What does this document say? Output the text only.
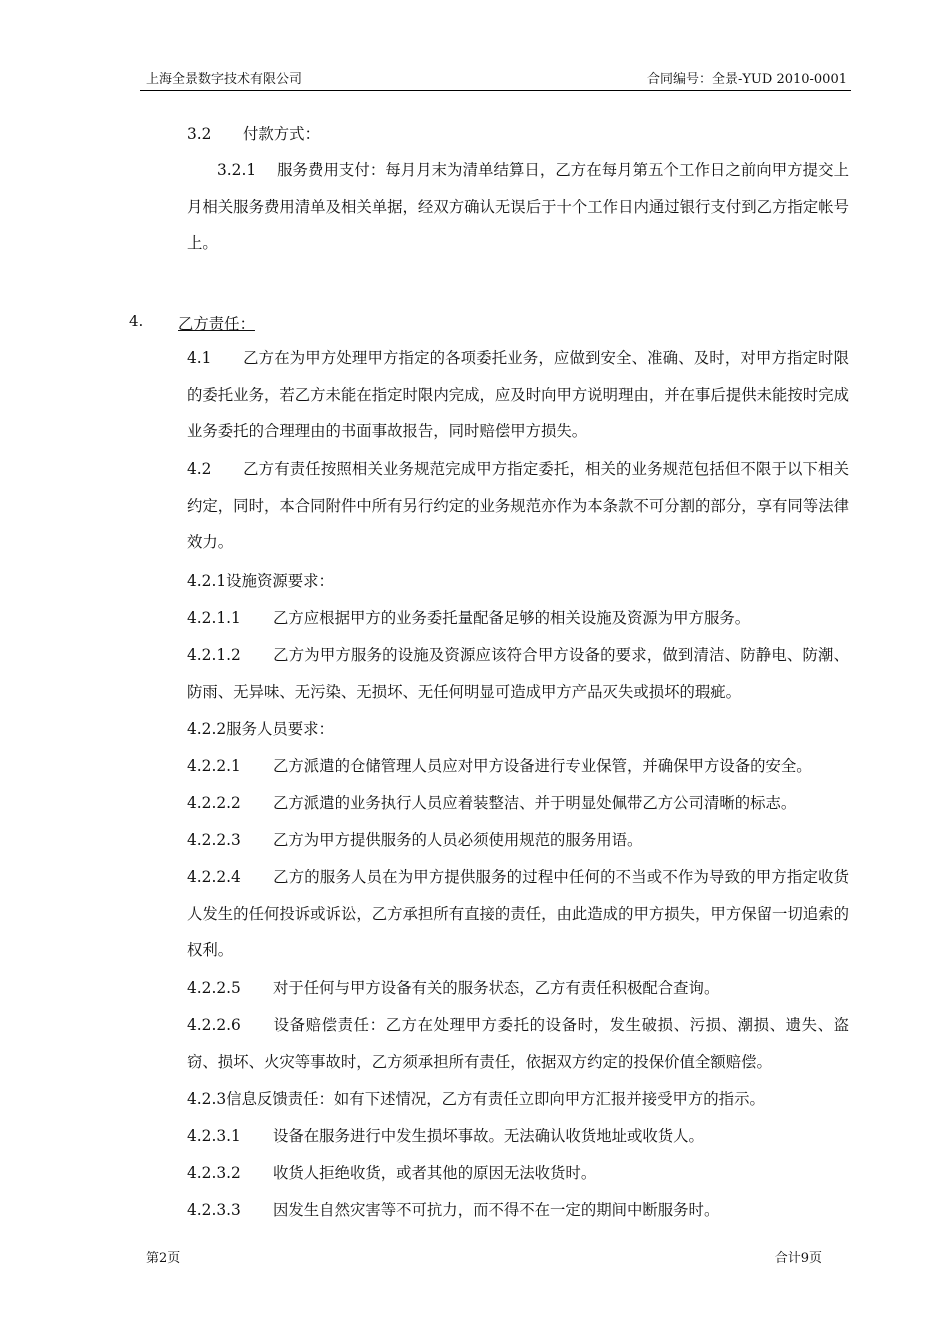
上海全景数字技术有限公司	合同编号：全景-YUD 2010-0001
3.2 付款方式：
3.2.1 服务费用支付：每月月末为清单结算日，乙方在每月第五个工作日之前向甲方提交上月相关服务费用清单及相关单据，经双方确认无误后于十个工作日内通过银行支付到乙方指定帐号上。
4. 乙方责任：
4.1 乙方在为甲方处理甲方指定的各项委托业务，应做到安全、准确、及时，对甲方指定时限的委托业务，若乙方未能在指定时限内完成，应及时向甲方说明理由，并在事后提供未能按时完成业务委托的合理理由的书面事故报告，同时赔偿甲方损失。
4.2 乙方有责任按照相关业务规范完成甲方指定委托，相关的业务规范包括但不限于以下相关约定，同时，本合同附件中所有另行约定的业务规范亦作为本条款不可分割的部分，享有同等法律效力。
4.2.1设施资源要求：
4.2.1.1 乙方应根据甲方的业务委托量配备足够的相关设施及资源为甲方服务。
4.2.1.2 乙方为甲方服务的设施及资源应该符合甲方设备的要求，做到清洁、防静电、防潮、防雨、无异味、无污染、无损坏、无任何明显可造成甲方产品灭失或损坏的瑕疵。
4.2.2服务人员要求：
4.2.2.1 乙方派遣的仓储管理人员应对甲方设备进行专业保管，并确保甲方设备的安全。
4.2.2.2 乙方派遣的业务执行人员应着装整洁、并于明显处佩带乙方公司清晰的标志。
4.2.2.3 乙方为甲方提供服务的人员必须使用规范的服务用语。
4.2.2.4 乙方的服务人员在为甲方提供服务的过程中任何的不当或不作为导致的甲方指定收货人发生的任何投诉或诉讼，乙方承担所有直接的责任，由此造成的甲方损失，甲方保留一切追索的权利。
4.2.2.5 对于任何与甲方设备有关的服务状态，乙方有责任积极配合查询。
4.2.2.6 设备赔偿责任：乙方在处理甲方委托的设备时，发生破损、污损、潮损、遗失、盗窃、损坏、火灾等事故时，乙方须承担所有责任，依据双方约定的投保价值全额赔偿。
4.2.3信息反馈责任：如有下述情况，乙方有责任立即向甲方汇报并接受甲方的指示。
4.2.3.1 设备在服务进行中发生损坏事故。无法确认收货地址或收货人。
4.2.3.2 收货人拒绝收货，或者其他的原因无法收货时。
4.2.3.3 因发生自然灾害等不可抗力，而不得不在一定的期间中断服务时。
第2页	合计9页
